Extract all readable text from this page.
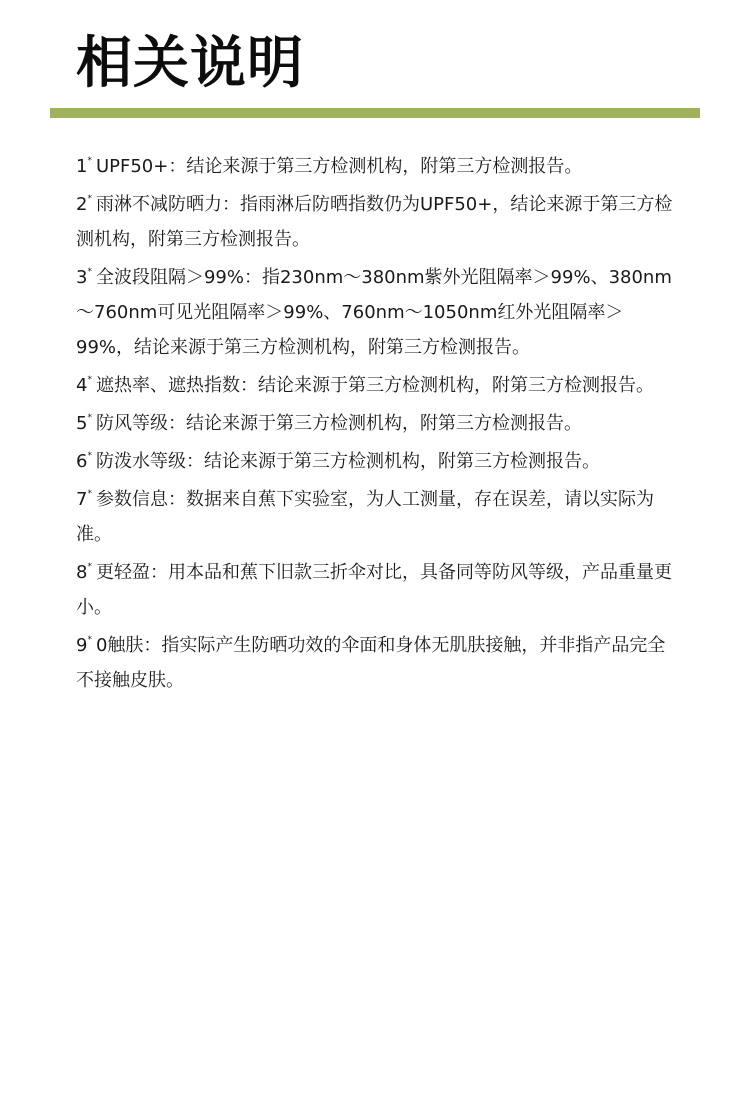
相关说明
1* UPF50+：结论来源于第三方检测机构，附第三方检测报告。
2* 雨淋不减防晒力：指雨淋后防晒指数仍为UPF50+，结论来源于第三方检测机构，附第三方检测报告。
3* 全波段阻隔＞99%：指230nm～380nm紫外光阻隔率＞99%、380nm～760nm可见光阻隔率＞99%、760nm～1050nm红外光阻隔率＞99%，结论来源于第三方检测机构，附第三方检测报告。
4* 遮热率、遮热指数：结论来源于第三方检测机构，附第三方检测报告。
5* 防风等级：结论来源于第三方检测机构，附第三方检测报告。
6* 防泼水等级：结论来源于第三方检测机构，附第三方检测报告。
7* 参数信息：数据来自蕉下实验室，为人工测量，存在误差，请以实际为准。
8* 更轻盈：用本品和蕉下旧款三折伞对比，具备同等防风等级，产品重量更小。
9* 0触肤：指实际产生防晒功效的伞面和身体无肌肤接触，并非指产品完全不接触皮肤。
